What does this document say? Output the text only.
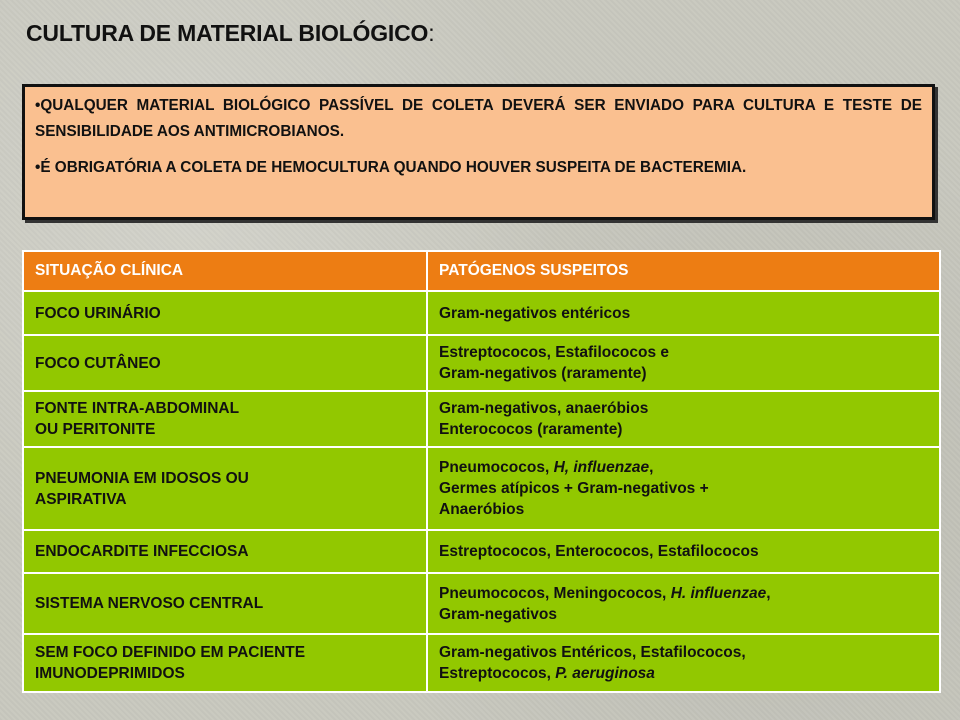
CULTURA DE MATERIAL BIOLÓGICO:

•QUALQUER MATERIAL BIOLÓGICO PASSÍVEL DE COLETA DEVERÁ SER ENVIADO PARA CULTURA E TESTE DE SENSIBILIDADE AOS ANTIMICROBIANOS.

•É OBRIGATÓRIA A COLETA DE HEMOCULTURA QUANDO HOUVER SUSPEITA DE BACTEREMIA.

SITUAÇÃO CLÍNICA	PATÓGENOS SUSPEITOS

FOCO URINÁRIO	Gram-negativos entéricos

FOCO CUTÂNEO	Estreptococos, Estafilococos e
Gram-negativos (raramente)

FONTE INTRA-ABDOMINAL
OU PERITONITE	Gram-negativos, anaeróbios
Enterococos (raramente)

PNEUMONIA EM IDOSOS OU
ASPIRATIVA	Pneumococos, H, influenzae,
Germes atípicos + Gram-negativos +
Anaeróbios

ENDOCARDITE INFECCIOSA	Estreptococos, Enterococos, Estafilococos

SISTEMA NERVOSO CENTRAL	Pneumococos, Meningococos, H. influenzae,
Gram-negativos

SEM FOCO DEFINIDO EM PACIENTE
IMUNODEPRIMIDOS	Gram-negativos Entéricos, Estafilococos,
Estreptococos, P. aeruginosa
